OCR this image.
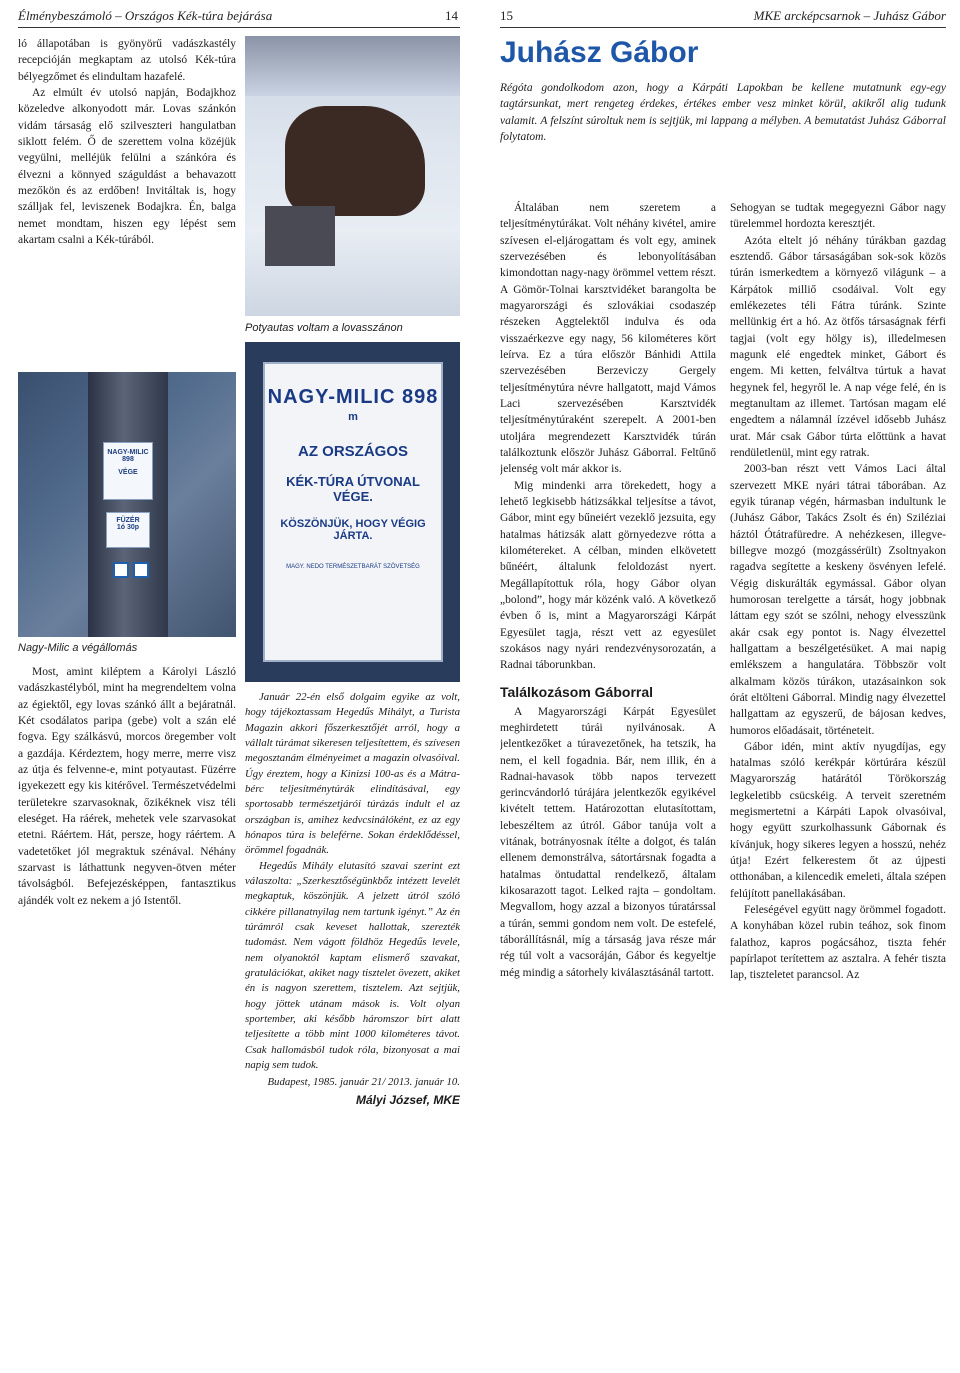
Élménybeszámoló – Országos Kék-túra bejárása	14

ló állapotában is gyönyörű vadászkastély recepcióján megkaptam az utolsó Kék-túra bélyegzőmet és elindultam hazafelé.

Az elmúlt év utolsó napján, Bodajkhoz közeledve alkonyodott már. Lovas szánkón vidám társaság elő szilveszteri hangulatban siklott felém. Ő de szerettem volna közéjük vegyülni, melléjük felülni a szánkóra és élvezni a könnyed száguldást a behavazott mezőkön és az erdőben! Invitáltak is, hogy szálljak fel, leviszenek Bodajkra. Én, balga nemet mondtam, hiszen egy lépést sem akartam csalni a Kék-túrából.

NAGY-MILIC 898
VÉGE
FÜZÉR
1ó 30p
Nagy-Milic a végállomás

Most, amint kiléptem a Károlyi László vadászkastélyból, mint ha megrendeltem volna az égiektől, egy lovas szánkó állt a bejáratnál. Két csodálatos paripa (gebe) volt a szán elé fogva. Egy szálkásvú, morcos öregember volt a gazdája. Kérdeztem, hogy merre, merre visz az útja és felvenne-e, mint potyautast. Füzérre igyekezett egy kis kitérővel. Természetvédelmi területekre szarvasoknak, őzikéknek visz téli eleséget. Ha ráérek, mehetek vele szarvasokat etetni. Ráértem. Hát, persze, hogy ráértem. A vadetetőket jól megraktuk szénával. Néhány szarvast is láthattunk negyven-ötven méter távolságból. Befejezésképpen, fantasztikus ajándék volt ez nekem a jó Istentől.

Potyautas voltam a lovasszánon
NAGY-MILIC 898
m
AZ ORSZÁGOS
KÉK-TÚRA ÚTVONAL VÉGE.
KÖSZÖNJÜK, HOGY VÉGIG JÁRTA.
MAGY. NEDO TERMÉSZETBARÁT SZÖVETSÉG

Január 22-én első dolgaim egyike az volt, hogy tájékoztassam Hegedűs Mihályt, a Turista Magazin akkori főszerkesztőjét arról, hogy a vállalt túrámat sikeresen teljesítettem, és szívesen megosztanám élményeimet a magazin olvasóival. Úgy éreztem, hogy a Kinizsi 100-as és a Mátra-bérc teljesítménytúrák elindításával, egy sportosabb természetjárói túrázás indult el az országban is, amihez kedvcsinálóként, ez az egy hónapos túra is beleférne. Sokan érdeklődéssel, örömmel fogadnák.

Hegedűs Mihály elutasító szavai szerint ezt válaszolta: „Szerkesztőségünkbőz intézett levelét megkaptuk, köszönjük. A jelzett útról szóló cikkére pillanatnyilag nem tartunk igényt.” Az én túrámról csak keveset hallottak, szerezték tudomást. Nem vágott földhöz Hegedűs levele, nem olyanoktól kaptam elismerő szavakat, gratulációkat, akiket nagy tisztelet övezett, akiket én is nagyon szerettem, tisztelem. Azt sejtjük, hogy jöttek utánam mások is. Volt olyan sportember, aki később háromszor bírt alatt teljesítette a több mint 1000 kilométeres távot. Csak hallomásból tudok róla, bizonyosat a mai napig sem tudok.

Budapest, 1985. január 21/ 2013. január 10.
Mályi József, MKE
15	MKE arcképcsarnok – Juhász Gábor
Juhász Gábor
Régóta gondolkodom azon, hogy a Kárpáti Lapokban be kellene mutatnunk egy-egy tagtársunkat, mert rengeteg érdekes, értékes ember vesz minket körül, akikről alig tudunk valamit. A felszínt súroltuk nem is sejtjük, mi lappang a mélyben. A bemutatást Juhász Gáborral folytatom.

Általában nem szeretem a teljesítménytúrákat. Volt néhány kivétel, amire szívesen el-eljárogattam és volt egy, aminek szervezésében és lebonyolításában kimondottan nagy-nagy örömmel vettem részt. A Gömör-Tolnai karsztvidéket barangolta be magyarországi és szlovákiai csodaszép részeken Aggtelektől indulva és oda visszaérkezve egy nagy, 56 kilométeres kört leírva. Ez a túra először Bánhidi Attila szervezésében Berzeviczy Gergely teljesítménytúra névre hallgatott, majd Vámos Laci szervezésében Karsztvidék teljesítménytúraként szerepelt. A 2001-ben utoljára megrendezett Karsztvidék túrán találkoztunk először Juhász Gáborral. Feltűnő jelenség volt már akkor is.

Mig mindenki arra törekedett, hogy a lehető legkisebb hátizsákkal teljesítse a távot, Gábor, mint egy bűneiért vezeklő jezsuita, egy hatalmas hátizsák alatt görnyedezve rótta a kilométereket. A célban, minden elkövetett bűnéért, általunk feloldozást nyert. Megállapítottuk róla, hogy Gábor olyan „bolond”, hogy már közénk való. A következő évben ő is, mint a Magyarországi Kárpát Egyesület tagja, részt vett az egyesület szokásos nagy nyári rendezvénysorozatán, a Radnai táborunkban.

Találkozásom Gáborral

A Magyarországi Kárpát Egyesület meghirdetett túrái nyilvánosak. A jelentkezőket a túravezetőnek, ha tetszik, ha nem, el kell fogadnia. Bár, nem illik, én a Radnai-havasok több napos tervezett gerincvándorló túrájára jelentkezők egyikével kivételt tettem. Határozottan elutasítottam, lebeszéltem az útról. Gábor tanúja volt a vitának, botrányosnak ítélte a dolgot, és talán ellenem demonstrálva, sátortársnak fogadta a hatalmas öntudattal rendelkező, általam kikosarazott tagot. Lelked rajta – gondoltam. Megvallom, hogy azzal a bizonyos túratárssal a túrán, semmi gondom nem volt. De estefelé, táborállításnál, míg a társaság java része már rég túl volt a vacsoráján, Gábor és kegyeltje még mindig a sátorhely kiválasztásánál tartott.

Sehogyan se tudtak megegyezni Gábor nagy türelemmel hordozta keresztjét.

Azóta eltelt jó néhány túrákban gazdag esztendő. Gábor társaságában sok-sok közös túrán ismerkedtem a környező világunk – a Kárpátok milliő csodáival. Volt egy emlékezetes téli Fátra túránk. Szinte mellünkig ért a hó. Az ötfős társaságnak férfi tagjai (volt egy hölgy is), illedelmesen magunk elé engedtek minket, Gábort és engem. Mi ketten, felváltva túrtuk a havat hegynek fel, hegyről le. A nap vége felé, én is megtanultam az illemet. Tartósan magam elé engedtem a nálamnál ízzével idősebb Juhász urat. Már csak Gábor túrta előttünk a havat rendületlenül, mint egy ratrak.

2003-ban részt vett Vámos Laci által szervezett MKE nyári tátrai táborában. Az egyik túranap végén, hármasban indultunk le (Juhász Gábor, Takács Zsolt és én) Sziléziai háztól Ótátrafüredre. A nehézkesen, illegve-billegve mozgó (mozgássérült) Zsoltnyakon ragadva segítette a keskeny ösvényen lefelé. Végig diskurálták egymással. Gábor olyan humorosan terelgette a társát, hogy jobbnak láttam egy szót se szólni, nehogy elvesszünk akár csak egy pontot is. Nagy élvezettel hallgattam a beszélgetésüket. A mai napig emlékszem a hangulatára. Többször volt alkalmam közös túrákon, utazásainkon sok órát eltölteni Gáborral. Mindig nagy élvezettel hallgattam az egyszerű, de bájosan kedves, humoros előadásait, történeteit.

Gábor idén, mint aktív nyugdíjas, egy hatalmas szóló kerékpár körtúrára készül Magyarország határától Törökország legkeletibb csücskéig. A terveit szeretném megismertetni a Kárpáti Lapok olvasóival, hogy együtt szurkolhassunk Gábornak és kívánjuk, hogy sikeres legyen a hosszú, nehéz útja! Ezért felkerestem őt az újpesti otthonában, a kilencedik emeleti, általa szépen felújított panellakásában.

Feleségével együtt nagy örömmel fogadott. A konyhában közel rubin teához, sok finom falathoz, kapros pogácsához, tiszta fehér papírlapot terítettem az asztalra. A fehér tiszta lap, tiszteletet parancsol. Az
